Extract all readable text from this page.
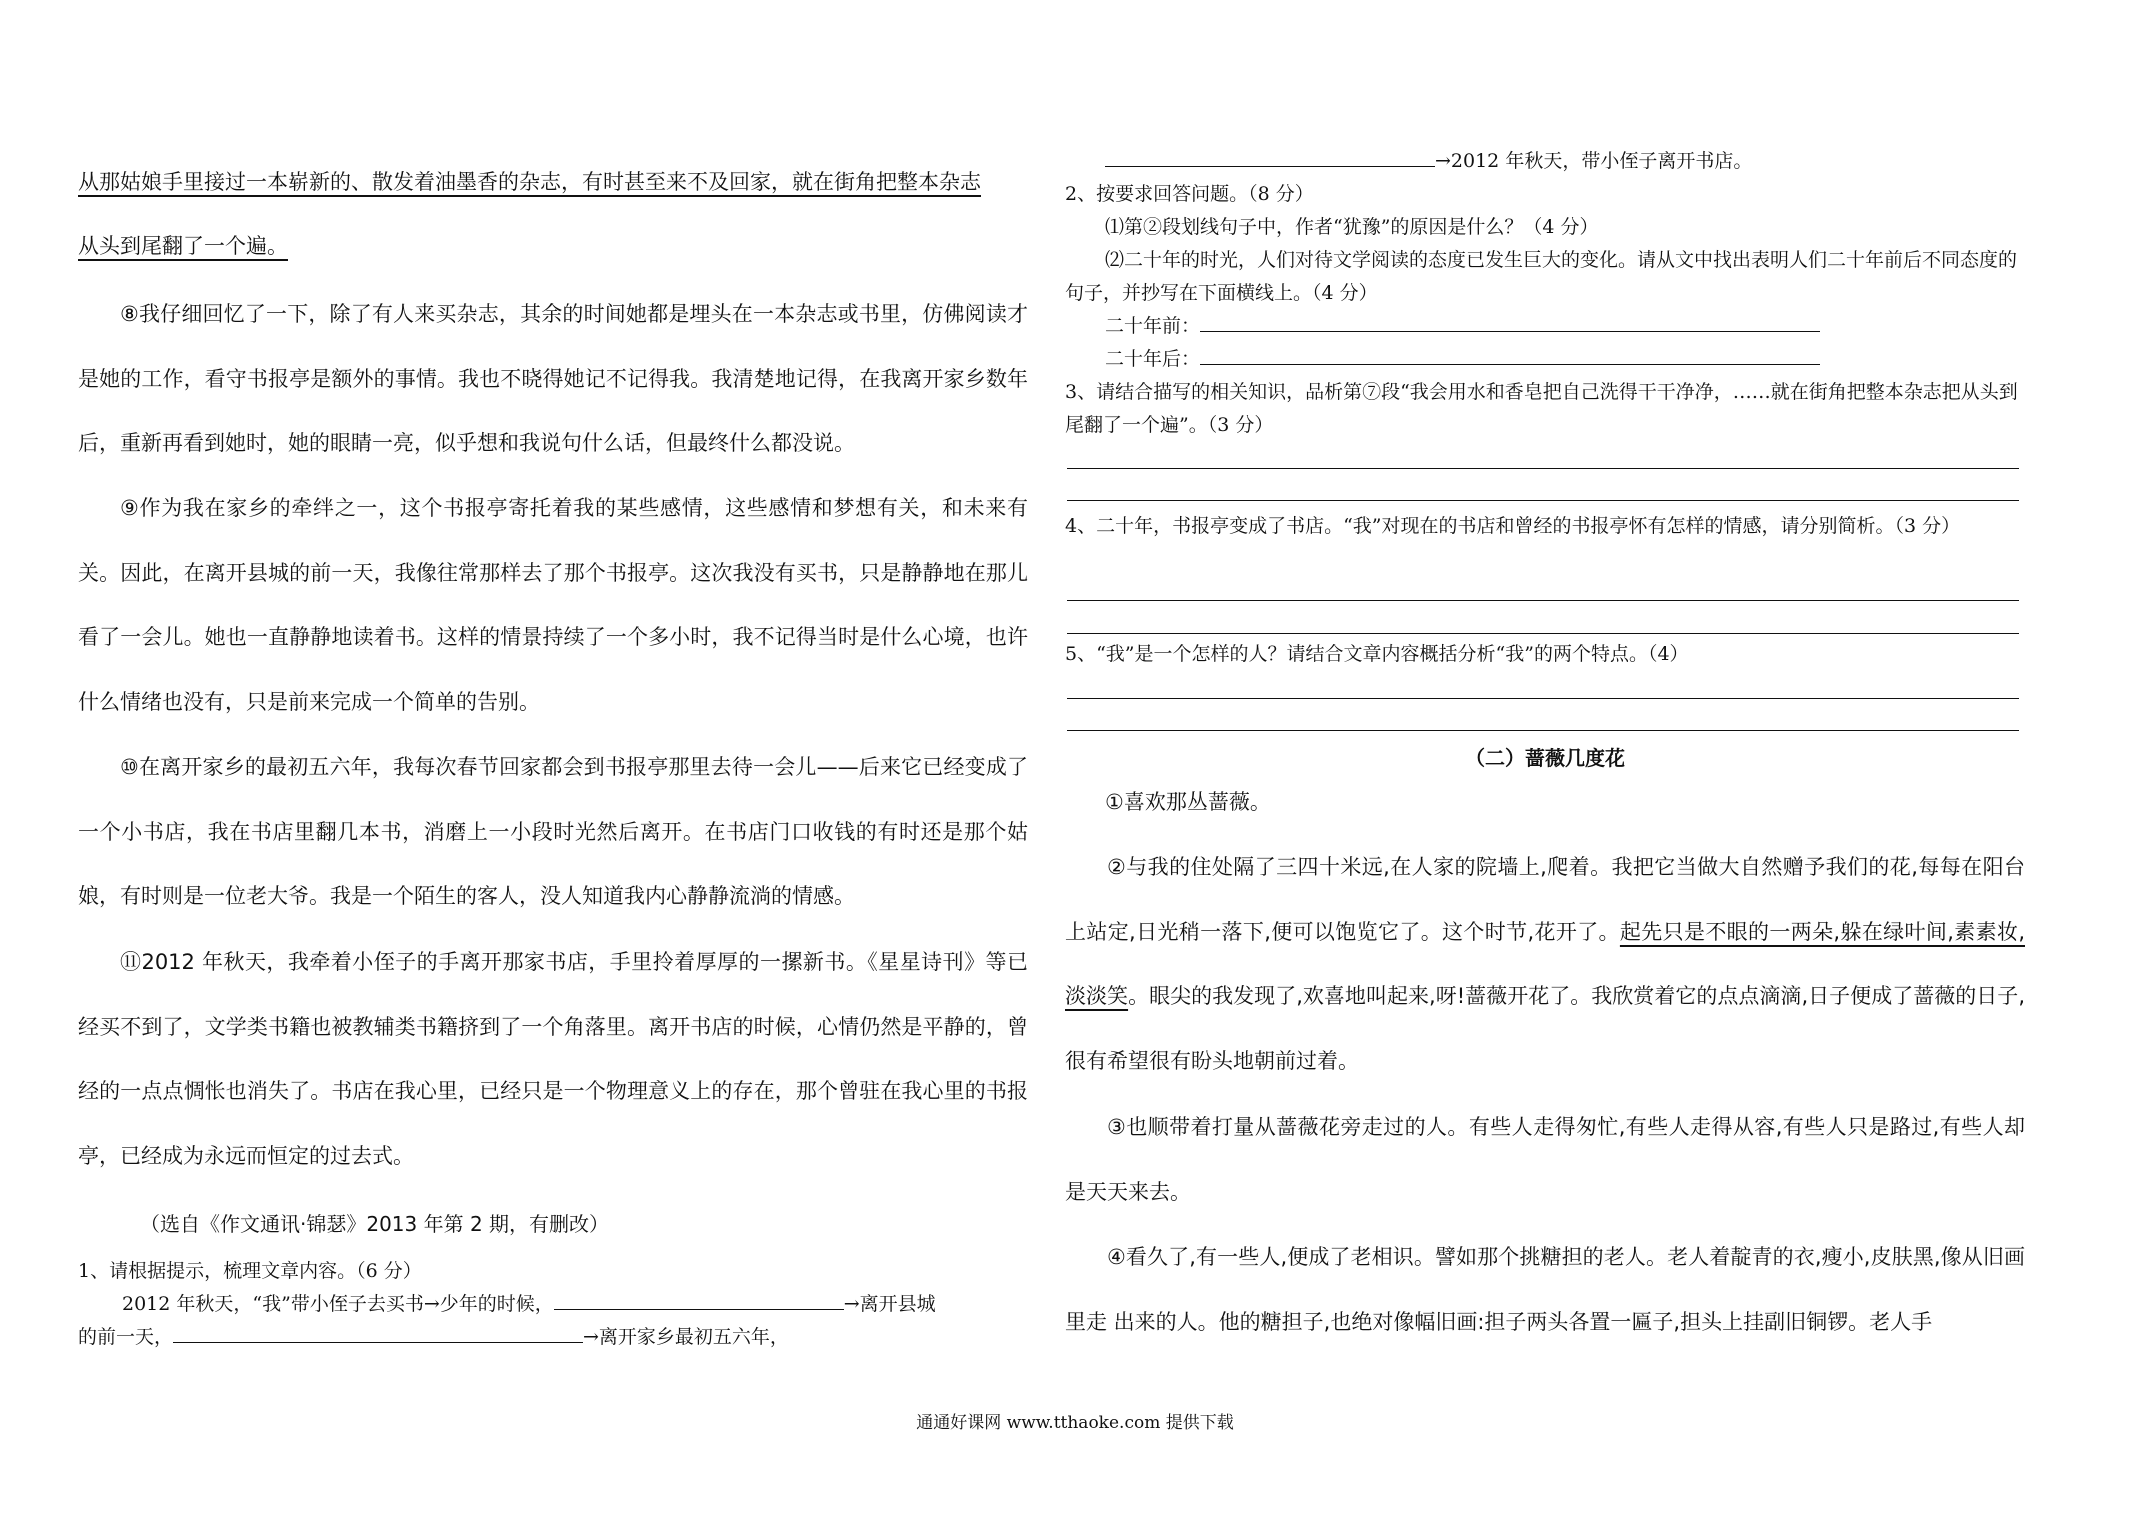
从那姑娘手里接过一本崭新的、散发着油墨香的杂志，有时甚至来不及回家，就在街角把整本杂志
从头到尾翻了一个遍。

⑧我仔细回忆了一下，除了有人来买杂志，其余的时间她都是埋头在一本杂志或书里，仿佛阅读才是她的工作，看守书报亭是额外的事情。我也不晓得她记不记得我。我清楚地记得，在我离开家乡数年后，重新再看到她时，她的眼睛一亮，似乎想和我说句什么话，但最终什么都没说。

⑨作为我在家乡的牵绊之一，这个书报亭寄托着我的某些感情，这些感情和梦想有关，和未来有关。因此，在离开县城的前一天，我像往常那样去了那个书报亭。这次我没有买书，只是静静地在那儿看了一会儿。她也一直静静地读着书。这样的情景持续了一个多小时，我不记得当时是什么心境，也许什么情绪也没有，只是前来完成一个简单的告别。

⑩在离开家乡的最初五六年，我每次春节回家都会到书报亭那里去待一会儿——后来它已经变成了一个小书店，我在书店里翻几本书，消磨上一小段时光然后离开。在书店门口收钱的有时还是那个姑娘，有时则是一位老大爷。我是一个陌生的客人，没人知道我内心静静流淌的情感。

⑪2012 年秋天，我牵着小侄子的手离开那家书店，手里拎着厚厚的一摞新书。《星星诗刊》等已经买不到了，文学类书籍也被教辅类书籍挤到了一个角落里。离开书店的时候，心情仍然是平静的，曾经的一点点惆怅也消失了。书店在我心里，已经只是一个物理意义上的存在，那个曾驻在我心里的书报亭，已经成为永远而恒定的过去式。

（选自《作文通讯·锦瑟》2013 年第 2 期，有删改）

1、请根据提示，梳理文章内容。（6 分）

2012 年秋天，“我”带小侄子去买书→少年的时候，	→离开县城
的前一天，	→离开家乡最初五六年，
→2012 年秋天，带小侄子离开书店。

2、按要求回答问题。（8 分）

⑴第②段划线句子中，作者“犹豫”的原因是什么？（4 分）

⑵二十年的时光，人们对待文学阅读的态度已发生巨大的变化。请从文中找出表明人们二十年前后不同态度的句子，并抄写在下面横线上。（4 分）

二十年前：
二十年后：

3、请结合描写的相关知识，品析第⑦段“我会用水和香皂把自己洗得干干净净，……就在街角把整本杂志把从头到尾翻了一个遍”。（3 分）

4、二十年，书报亭变成了书店。“我”对现在的书店和曾经的书报亭怀有怎样的情感，请分别简析。（3 分）

5、“我”是一个怎样的人？请结合文章内容概括分析“我”的两个特点。（4）

（二）蔷薇几度花

①喜欢那丛蔷薇。

②与我的住处隔了三四十米远,在人家的院墙上,爬着。我把它当做大自然赠予我们的花,每每在阳台上站定,日光稍一落下,便可以饱览它了。这个时节,花开了。起先只是不眼的一两朵,躲在绿叶间,素素妆,淡淡笑。眼尖的我发现了,欢喜地叫起来,呀!蔷薇开花了。我欣赏着它的点点滴滴,日子便成了蔷薇的日子,很有希望很有盼头地朝前过着。

③也顺带着打量从蔷薇花旁走过的人。有些人走得匆忙,有些人走得从容,有些人只是路过,有些人却是天天来去。

④看久了,有一些人,便成了老相识。譬如那个挑糖担的老人。老人着靛青的衣,瘦小,皮肤黑,像从旧画里走 出来的人。他的糖担子,也绝对像幅旧画:担子两头各置一匾子,担头上挂副旧铜锣。老人手

通通好课网 www.tthaoke.com 提供下载
